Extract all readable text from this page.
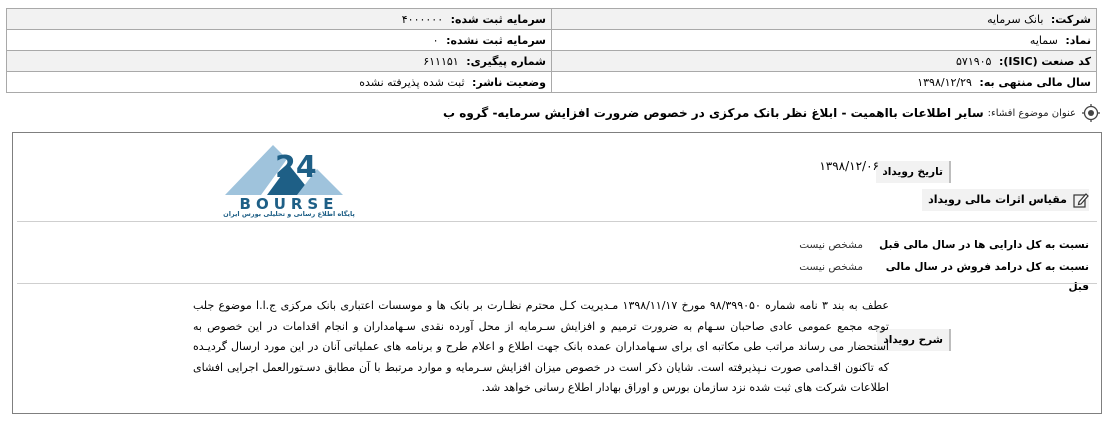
شرکت: بانک سرمایه	سرمایه ثبت شده: ۴۰۰۰۰۰۰
نماد: سمایه	سرمایه ثبت نشده: ۰
کد صنعت (ISIC): ۵۷۱۹۰۵	شماره پیگیری: ۶۱۱۱۵۱
سال مالی منتهی به: ۱۳۹۸/۱۲/۲۹	وضعیت ناشر: ثبت شده پذیرفته نشده
عنوان موضوع افشاء:
سایر اطلاعات بااهمیت - ابلاغ نظر بانک مرکزی در خصوص ضرورت افزایش سرمایه- گروه ب
24
BOURSE
پایگاه اطلاع رسانی و تحلیلی بورس ایران
تاریخ رویداد
۱۳۹۸/۱۲/۰۶
مقیاس اثرات مالی رویداد
نسبت به کل دارایی ها در سال مالی قبل
مشخص نیست
نسبت به کل درامد فروش در سال مالی قبل
مشخص نیست
شرح رویداد
عطف به بند ۳ نامه شماره ۹۸/۳۹۹۰۵۰ مورخ ۱۳۹۸/۱۱/۱۷ مـدیریت کـل محترم نظـارت بر بانک ها و موسسات اعتباری بانک مرکزی ج.ا.ا موضوع جلب توجه مجمع عمومی عادی صاحبان سـهام به ضرورت ترمیم و افزایش سـرمایه از محل آورده نقدی سـهامداران و انجام اقدامات در این خصوص به استحضار می رساند مراتب طی مکاتبه ای برای سـهامداران عمده بانک جهت اطلاع و اعلام طرح و برنامه های عملیاتی آنان در این مورد ارسال گردیـده که تاکنون اقـدامی صورت نـپذیرفته است. شایان ذکر است در خصوص میزان افزایش سـرمایه و موارد مرتبط با آن مطابق دسـتورالعمل اجرایی افشای اطلاعات شرکت های ثبت شده نزد سازمان بورس و اوراق بهادار اطلاع رسانی خواهد شد.
